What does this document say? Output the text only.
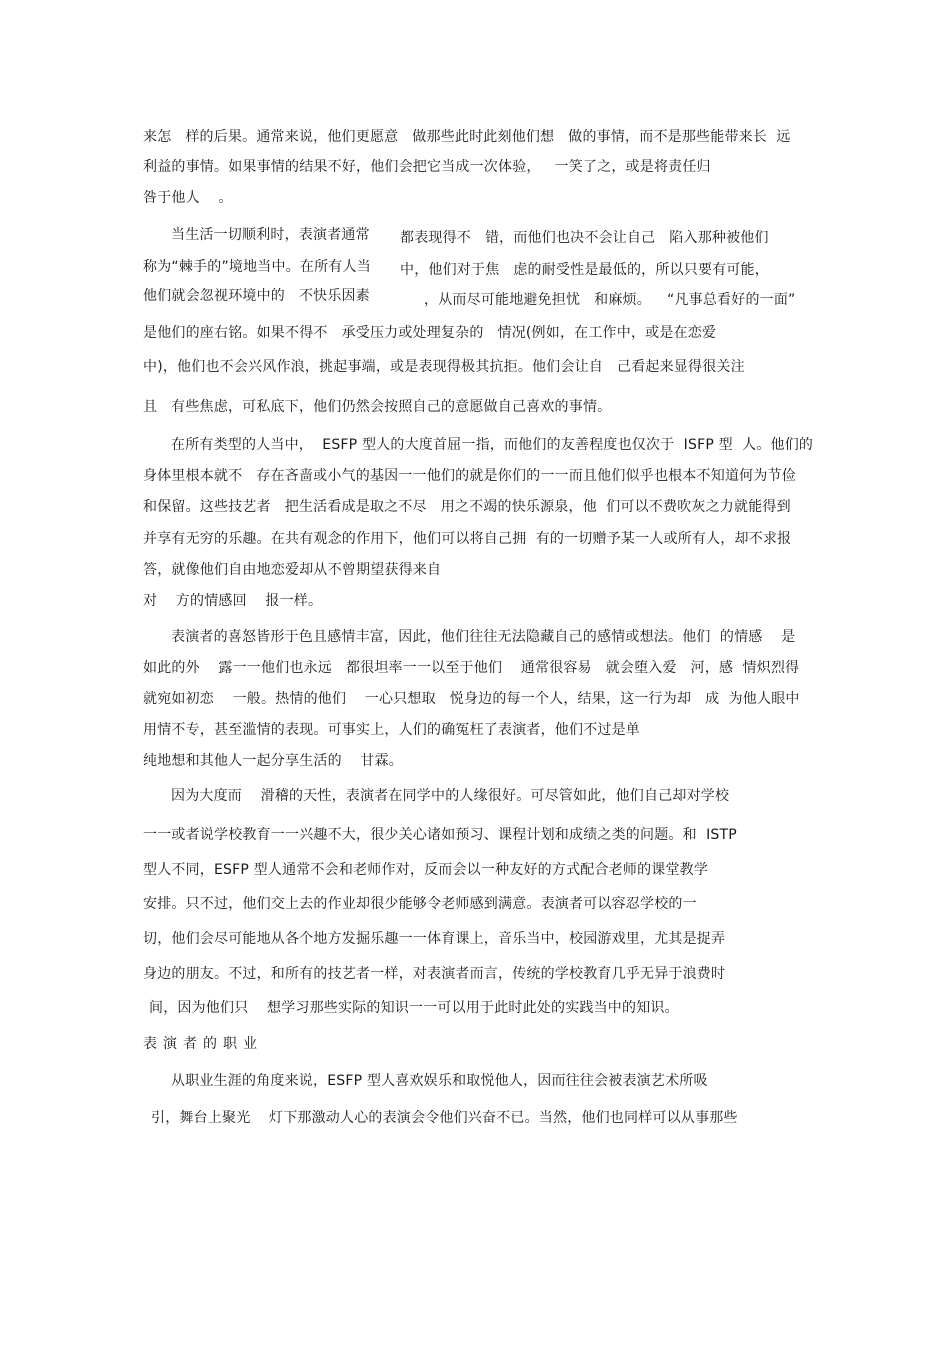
来怎   样的后果。通常来说，他们更愿意   做那些此时此刻他们想   做的事情，而不是那些能带来长  远
利益的事情。如果事情的结果不好，他们会把它当成一次体验，   一笑了之，或是将责任归
咎于他人    。
当生活一切顺利时，表演者通常 都表现得不   错，而他们也决不会让自己   陷入那种被他们
称为“棘手的”境地当中。在所有人当 中，他们对于焦   虑的耐受性是最低的，所以只要有可能，
他们就会忽视环境中的   不快乐因素	，从而尽可能地避免担忧   和麻烦。 “凡事总看好的一面”
是他们的座右铭。如果不得不   承受压力或处理复杂的   情况(例如，在工作中，或是在恋爱
中)，他们也不会兴风作浪，挑起事端，或是表现得极其抗拒。他们会让自   己看起来显得很关注
且   有些焦虑，可私底下，他们仍然会按照自己的意愿做自己喜欢的事情。
在所有类型的人当中，  ESFP 型人的大度首屈一指，而他们的友善程度也仅次于  ISFP 型  人。他们的
身体里根本就不   存在吝啬或小气的基因一一他们的就是你们的一一而且他们似乎也根本不知道何为节俭
和保留。这些技艺者   把生活看成是取之不尽   用之不竭的快乐源泉，他  们可以不费吹灰之力就能得到
并享有无穷的乐趣。在共有观念的作用下，他们可以将自己拥  有的一切赠予某一人或所有人，却不求报
答，就像他们自由地恋爱却从不曾期望获得来自
对    方的情感回    报一样。
表演者的喜怒皆形于色且感情丰富，因此，他们往往无法隐藏自己的感情或想法。他们  的情感    是
如此的外    露一一他们也永远   都很坦率一一以至于他们    通常很容易   就会堕入爱   河，感  情炽烈得
就宛如初恋    一般。热情的他们    一心只想取   悦身边的每一个人，结果，这一行为却   成  为他人眼中
用情不专，甚至滥情的表现。可事实上，人们的确冤枉了表演者，他们不过是单
纯地想和其他人一起分享生活的    甘霖。
因为大度而    滑稽的天性，表演者在同学中的人缘很好。可尽管如此，他们自己却对学校
一一或者说学校教育一一兴趣不大，很少关心诸如预习、课程计划和成绩之类的问题。和  ISTP
型人不同，ESFP 型人通常不会和老师作对，反而会以一种友好的方式配合老师的课堂教学
安排。只不过，他们交上去的作业却很少能够令老师感到满意。表演者可以容忍学校的一
切，他们会尽可能地从各个地方发掘乐趣一一体育课上，音乐当中，校园游戏里，尤其是捉弄
身边的朋友。不过，和所有的技艺者一样，对表演者而言，传统的学校教育几乎无异于浪费时
间，因为他们只    想学习那些实际的知识一一可以用于此时此处的实践当中的知识。
表演者的职业
从职业生涯的角度来说，ESFP 型人喜欢娱乐和取悦他人，因而往往会被表演艺术所吸
引，舞台上聚光    灯下那激动人心的表演会令他们兴奋不已。当然，他们也同样可以从事那些
